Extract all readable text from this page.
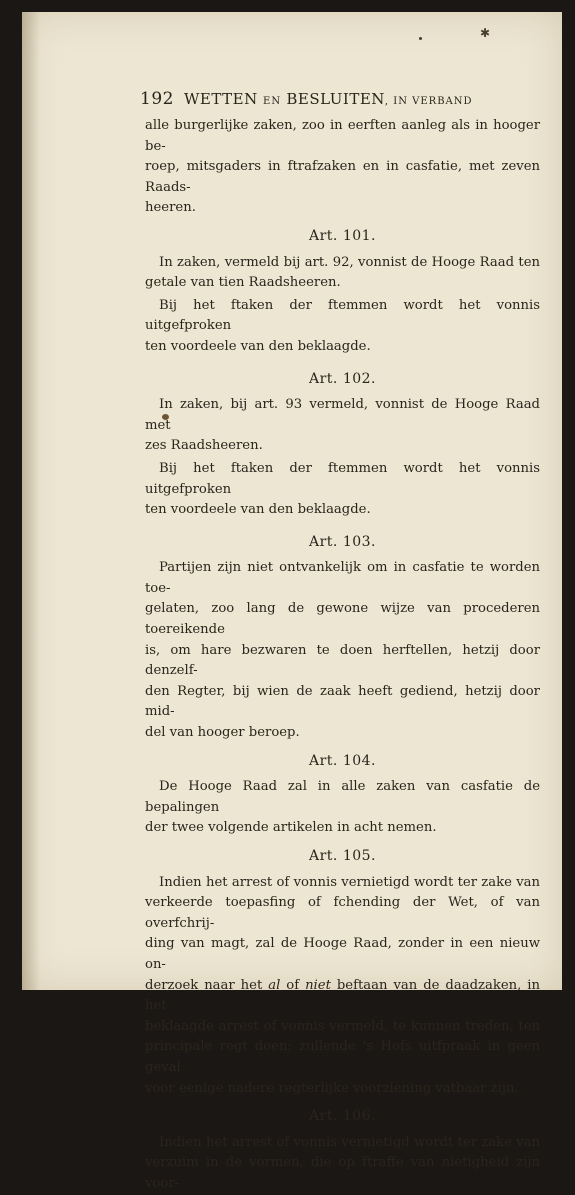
✱
192 WETTEN EN BESLUITEN, IN VERBAND

alle burgerlijke zaken, zoo in eerften aanleg als in hooger be-
roep, mitsgaders in ftrafzaken en in casfatie, met zeven Raads-
heeren.

Art. 101.

In zaken, vermeld bij art. 92, vonnist de Hooge Raad ten
getale van tien Raadsheeren.

Bij het ftaken der ftemmen wordt het vonnis uitgefproken
ten voordeele van den beklaagde.

Art. 102.

In zaken, bij art. 93 vermeld, vonnist de Hooge Raad met
zes Raadsheeren.

Bij het ftaken der ftemmen wordt het vonnis uitgefproken
ten voordeele van den beklaagde.

Art. 103.

Partijen zijn niet ontvankelijk om in casfatie te worden toe-
gelaten, zoo lang de gewone wijze van procederen toereikende
is, om hare bezwaren te doen herftellen, hetzij door denzelf-
den Regter, bij wien de zaak heeft gediend, hetzij door mid-
del van hooger beroep.

Art. 104.

De Hooge Raad zal in alle zaken van casfatie de bepalingen
der twee volgende artikelen in acht nemen.

Art. 105.

Indien het arrest of vonnis vernietigd wordt ter zake van
verkeerde toepasfing of fchending der Wet, of van overfchrij-
ding van magt, zal de Hooge Raad, zonder in een nieuw on-
derzoek naar het al of niet beftaan van de daadzaken, in het
beklaagde arrest of vonnis vermeld, te kunnen treden, ten
principale regt doen; zullende 's Hofs uitfpraak in geen geval
voor eenige nadere regterlijke voorziening vatbaar zijn.

Art. 106.

Indien het arrest of vonnis vernietigd wordt ter zake van
verzuim in de vormen, die op ftraffe van nietigheid zijn voor-
